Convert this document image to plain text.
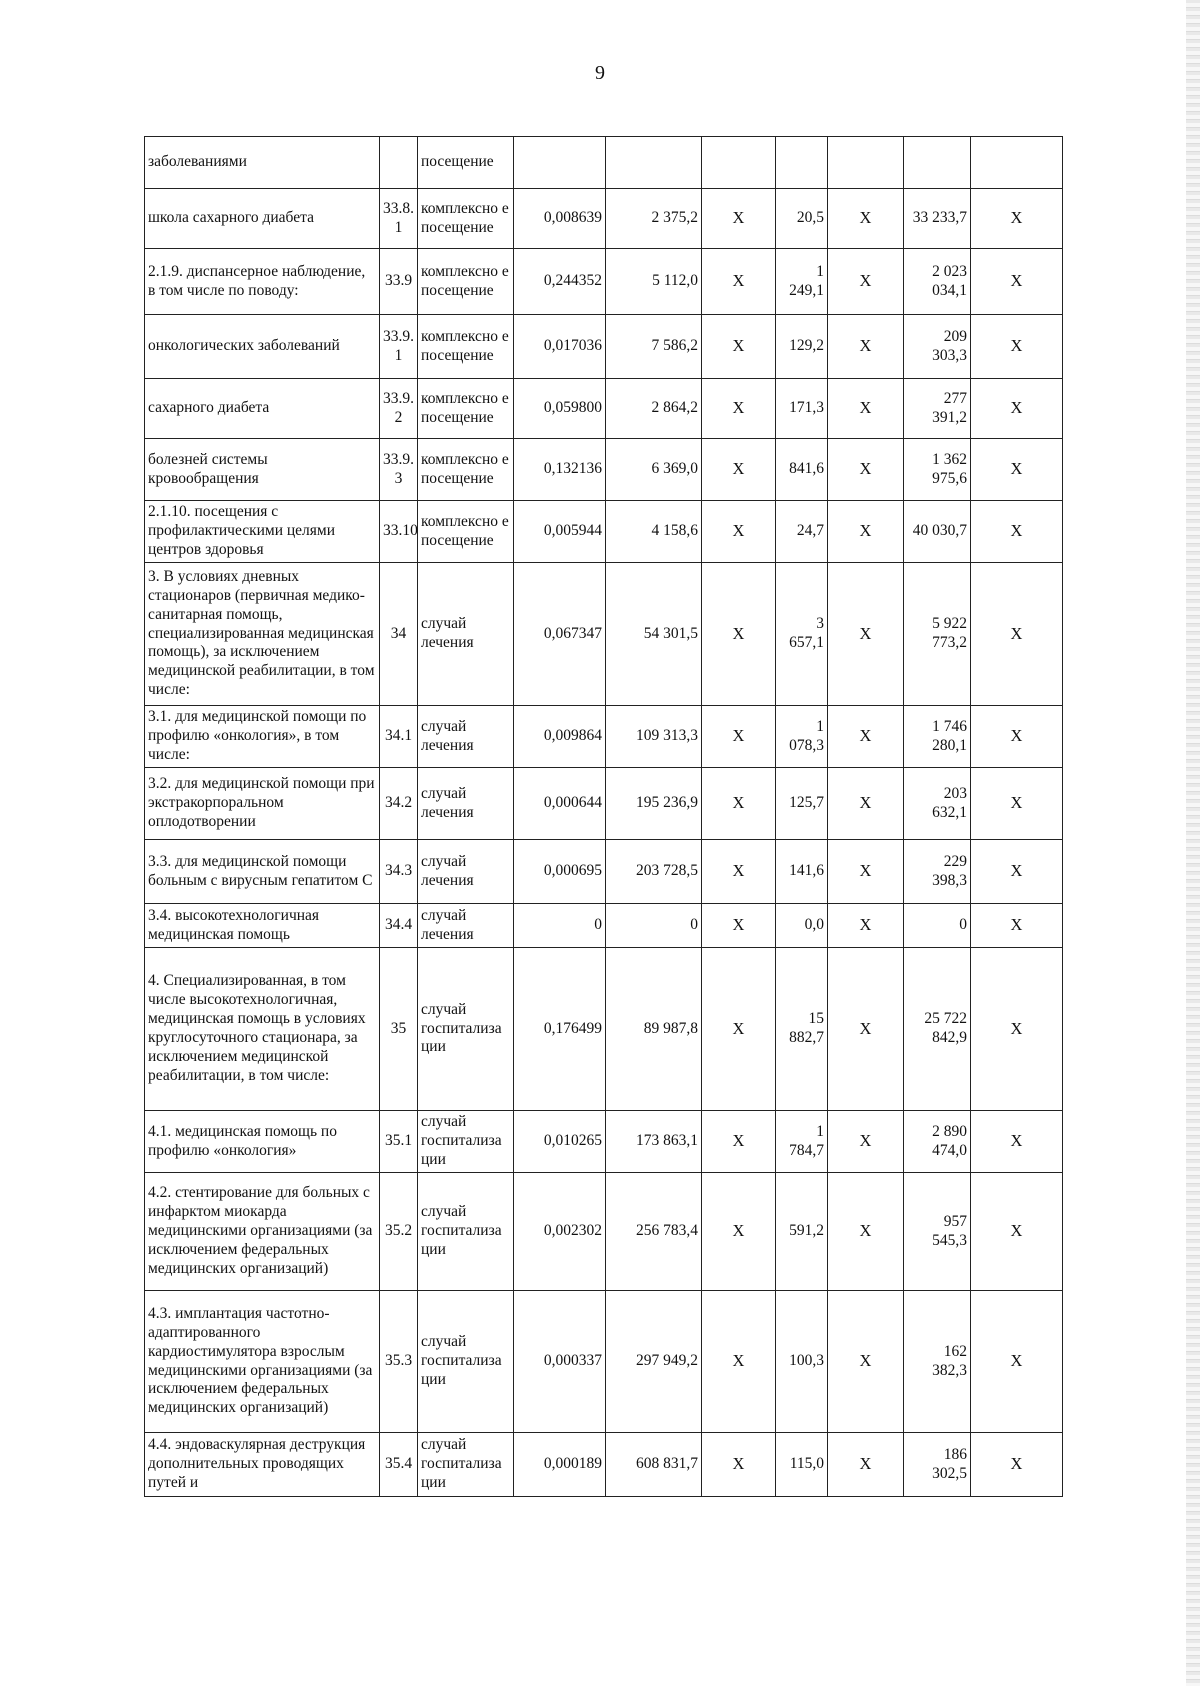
9
заболеваниями		посещение							
школа сахарного диабета	33.8. 1	комплексно е посещение	0,008639	2 375,2	Х	20,5	Х	33 233,7	Х
2.1.9. диспансерное наблюдение, в том числе по поводу:	33.9	комплексно е посещение	0,244352	5 112,0	Х	1 249,1	Х	2 023 034,1	Х
онкологических заболеваний	33.9. 1	комплексно е посещение	0,017036	7 586,2	Х	129,2	Х	209 303,3	Х
сахарного диабета	33.9. 2	комплексно е посещение	0,059800	2 864,2	Х	171,3	Х	277 391,2	Х
болезней системы кровообращения	33.9. 3	комплексно е посещение	0,132136	6 369,0	Х	841,6	Х	1 362 975,6	Х
2.1.10. посещения с профилактическими целями центров здоровья	33.10	комплексно е посещение	0,005944	4 158,6	Х	24,7	Х	40 030,7	Х
3. В условиях дневных стационаров (первичная медико-санитарная помощь, специализированная медицинская помощь), за исключением медицинской реабилитации, в том числе:	34	случай лечения	0,067347	54 301,5	Х	3 657,1	Х	5 922 773,2	Х
3.1. для медицинской помощи по профилю «онкология», в том числе:	34.1	случай лечения	0,009864	109 313,3	Х	1 078,3	Х	1 746 280,1	Х
3.2. для медицинской помощи при экстракорпоральном оплодотворении	34.2	случай лечения	0,000644	195 236,9	Х	125,7	Х	203 632,1	Х
3.3. для медицинской помощи больным с вирусным гепатитом С	34.3	случай лечения	0,000695	203 728,5	Х	141,6	Х	229 398,3	Х
3.4. высокотехнологичная медицинская помощь	34.4	случай лечения	0	0	Х	0,0	Х	0	Х
4. Специализированная, в том числе высокотехнологичная, медицинская помощь в условиях круглосуточного стационара, за исключением медицинской реабилитации, в том числе:	35	случай госпитализа ции	0,176499	89 987,8	Х	15 882,7	Х	25 722 842,9	Х
4.1. медицинская помощь по профилю «онкология»	35.1	случай госпитализа ции	0,010265	173 863,1	Х	1 784,7	Х	2 890 474,0	Х
4.2. стентирование для больных с инфарктом миокарда медицинскими организациями (за исключением федеральных медицинских организаций)	35.2	случай госпитализа ции	0,002302	256 783,4	Х	591,2	Х	957 545,3	Х
4.3. имплантация частотно-адаптированного кардиостимулятора взрослым медицинскими организациями (за исключением федеральных медицинских организаций)	35.3	случай госпитализа ции	0,000337	297 949,2	Х	100,3	Х	162 382,3	Х
4.4. эндоваскулярная деструкция дополнительных проводящих путей и	35.4	случай госпитализа ции	0,000189	608 831,7	Х	115,0	Х	186 302,5	Х
